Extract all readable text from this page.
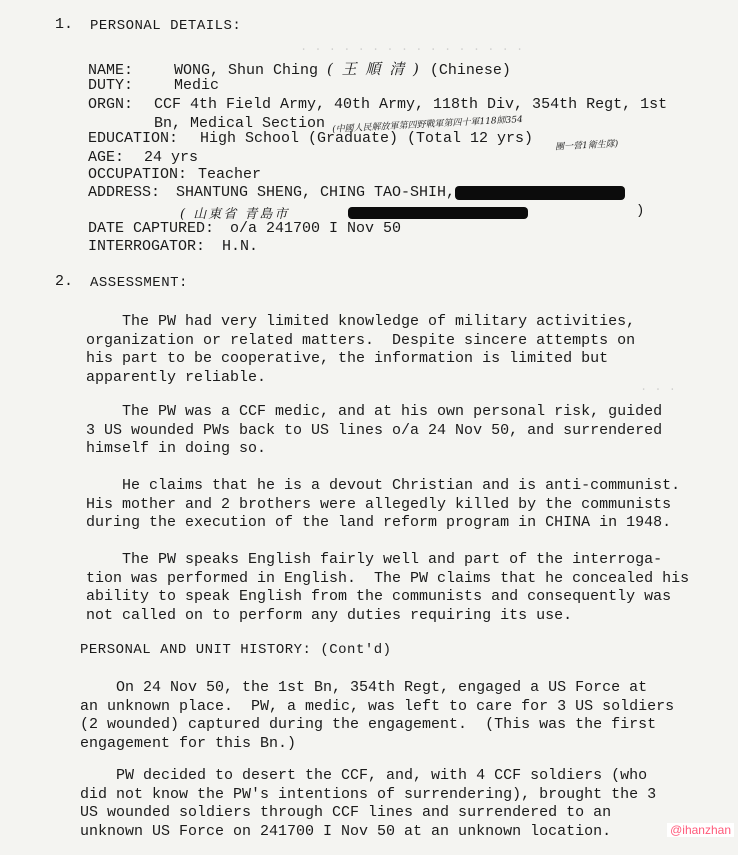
. . . . . . . . . . . . . . . .
. . .
1. PERSONAL DETAILS:
NAME:	WONG, Shun Ching ( 王 順 清 ) (Chinese)
DUTY:	Medic
ORGN: CCF 4th Field Army, 40th Army, 118th Div, 354th Regt, 1st
Bn, Medical Section (中國人民解放軍第四野戰軍第四十軍118師354
團一營1衛生隊)
EDUCATION: High School (Graduate) (Total 12 yrs)
AGE: 24 yrs
OCCUPATION: Teacher
ADDRESS: SHANTUNG SHENG, CHING TAO-SHIH,
( 山東省 青島市	)
DATE CAPTURED: o/a 241700 I Nov 50
INTERROGATOR: H.N.
2. ASSESSMENT:
The PW had very limited knowledge of military activities,
organization or related matters.  Despite sincere attempts on
his part to be cooperative, the information is limited but
apparently reliable.
The PW was a CCF medic, and at his own personal risk, guided
3 US wounded PWs back to US lines o/a 24 Nov 50, and surrendered
himself in doing so.
He claims that he is a devout Christian and is anti-communist.
His mother and 2 brothers were allegedly killed by the communists
during the execution of the land reform program in CHINA in 1948.
The PW speaks English fairly well and part of the interroga-
tion was performed in English.  The PW claims that he concealed his
ability to speak English from the communists and consequently was
not called on to perform any duties requiring its use.
PERSONAL AND UNIT HISTORY: (Cont'd)
On 24 Nov 50, the 1st Bn, 354th Regt, engaged a US Force at
an unknown place.  PW, a medic, was left to care for 3 US soldiers
(2 wounded) captured during the engagement.  (This was the first
engagement for this Bn.)
PW decided to desert the CCF, and, with 4 CCF soldiers (who
did not know the PW's intentions of surrendering), brought the 3
US wounded soldiers through CCF lines and surrendered to an
unknown US Force on 241700 I Nov 50 at an unknown location.	@ihanzhan
